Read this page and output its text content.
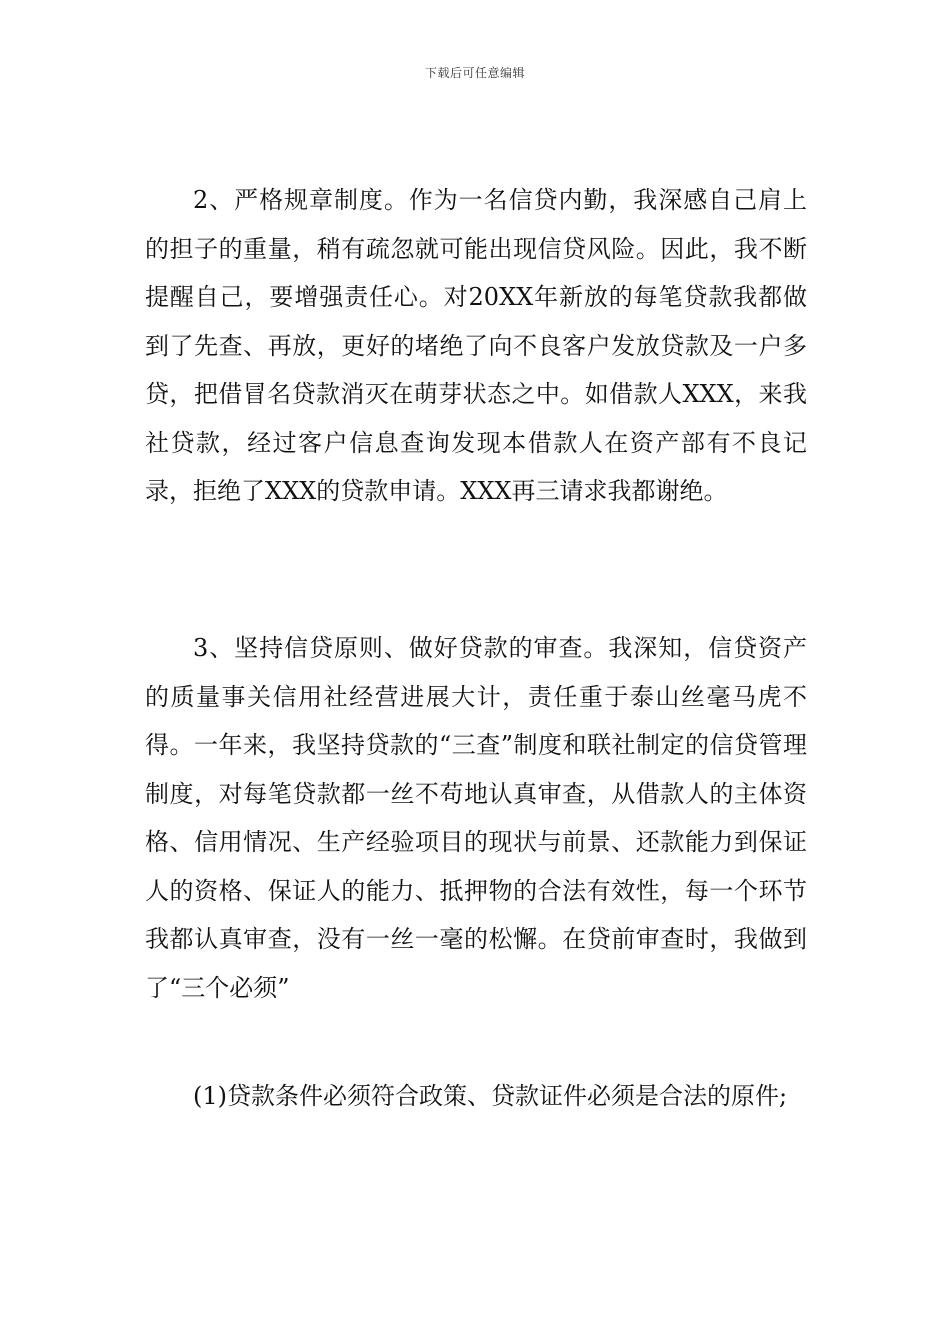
下载后可任意编辑

2、严格规章制度。作为一名信贷内勤，我深感自己肩上的担子的重量，稍有疏忽就可能出现信贷风险。因此，我不断提醒自己，要增强责任心。对20XX年新放的每笔贷款我都做到了先查、再放，更好的堵绝了向不良客户发放贷款及一户多贷，把借冒名贷款消灭在萌芽状态之中。如借款人XXX，来我社贷款，经过客户信息查询发现本借款人在资产部有不良记录，拒绝了XXX的贷款申请。XXX再三请求我都谢绝。

3、坚持信贷原则、做好贷款的审查。我深知，信贷资产的质量事关信用社经营进展大计，责任重于泰山丝毫马虎不得。一年来，我坚持贷款的“三查”制度和联社制定的信贷管理制度，对每笔贷款都一丝不苟地认真审查，从借款人的主体资格、信用情况、生产经验项目的现状与前景、还款能力到保证人的资格、保证人的能力、抵押物的合法有效性，每一个环节我都认真审查，没有一丝一毫的松懈。在贷前审查时，我做到了“三个必须”

(1)贷款条件必须符合政策、贷款证件必须是合法的原件;
